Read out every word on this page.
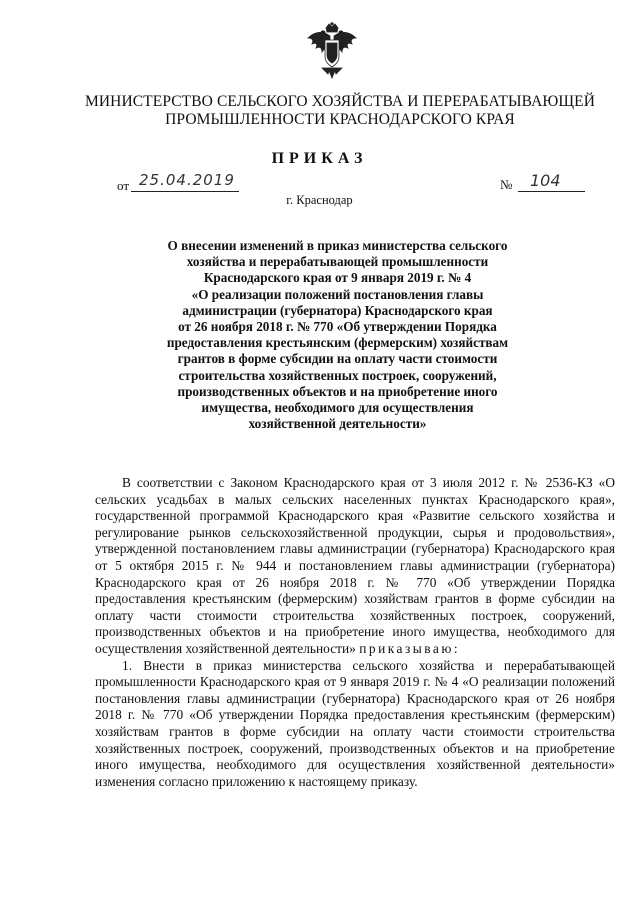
МИНИСТЕРСТВО СЕЛЬСКОГО ХОЗЯЙСТВА И ПЕРЕРАБАТЫВАЮЩЕЙ
ПРОМЫШЛЕННОСТИ КРАСНОДАРСКОГО КРАЯ
ПРИКАЗ
от 25.04.2019	№ 104
г. Краснодар
О внесении изменений в приказ министерства сельского
хозяйства и перерабатывающей промышленности
Краснодарского края от 9 января 2019 г. № 4
«О реализации положений постановления главы
администрации (губернатора) Краснодарского края
от 26 ноября 2018 г. № 770 «Об утверждении Порядка
предоставления крестьянским (фермерским) хозяйствам
грантов в форме субсидии на оплату части стоимости
строительства хозяйственных построек, сооружений,
производственных объектов и на приобретение иного
имущества, необходимого для осуществления
хозяйственной деятельности»

В соответствии с Законом Краснодарского края от 3 июля 2012 г. № 2536-КЗ «О сельских усадьбах в малых сельских населенных пунктах Краснодарского края», государственной программой Краснодарского края «Развитие сельского хозяйства и регулирование рынков сельскохозяйственной продукции, сырья и продовольствия», утвержденной постановлением главы администрации (губернатора) Краснодарского края от 5 октября 2015 г. № 944 и постановлением главы администрации (губернатора) Краснодарского края от 26 ноября 2018 г. № 770 «Об утверждении Порядка предоставления крестьянским (фермерским) хозяйствам грантов в форме субсидии на оплату части стоимости строительства хозяйственных построек, сооружений, производственных объектов и на приобретение иного имущества, необходимого для осуществления хозяйственной деятельности» приказываю:

1. Внести в приказ министерства сельского хозяйства и перерабатывающей промышленности Краснодарского края от 9 января 2019 г. № 4 «О реализации положений постановления главы администрации (губернатора) Краснодарского края от 26 ноября 2018 г. № 770 «Об утверждении Порядка предоставления крестьянским (фермерским) хозяйствам грантов в форме субсидии на оплату части стоимости строительства хозяйственных построек, сооружений, производственных объектов и на приобретение иного имущества, необходимого для осуществления хозяйственной деятельности» изменения согласно приложению к настоящему приказу.
